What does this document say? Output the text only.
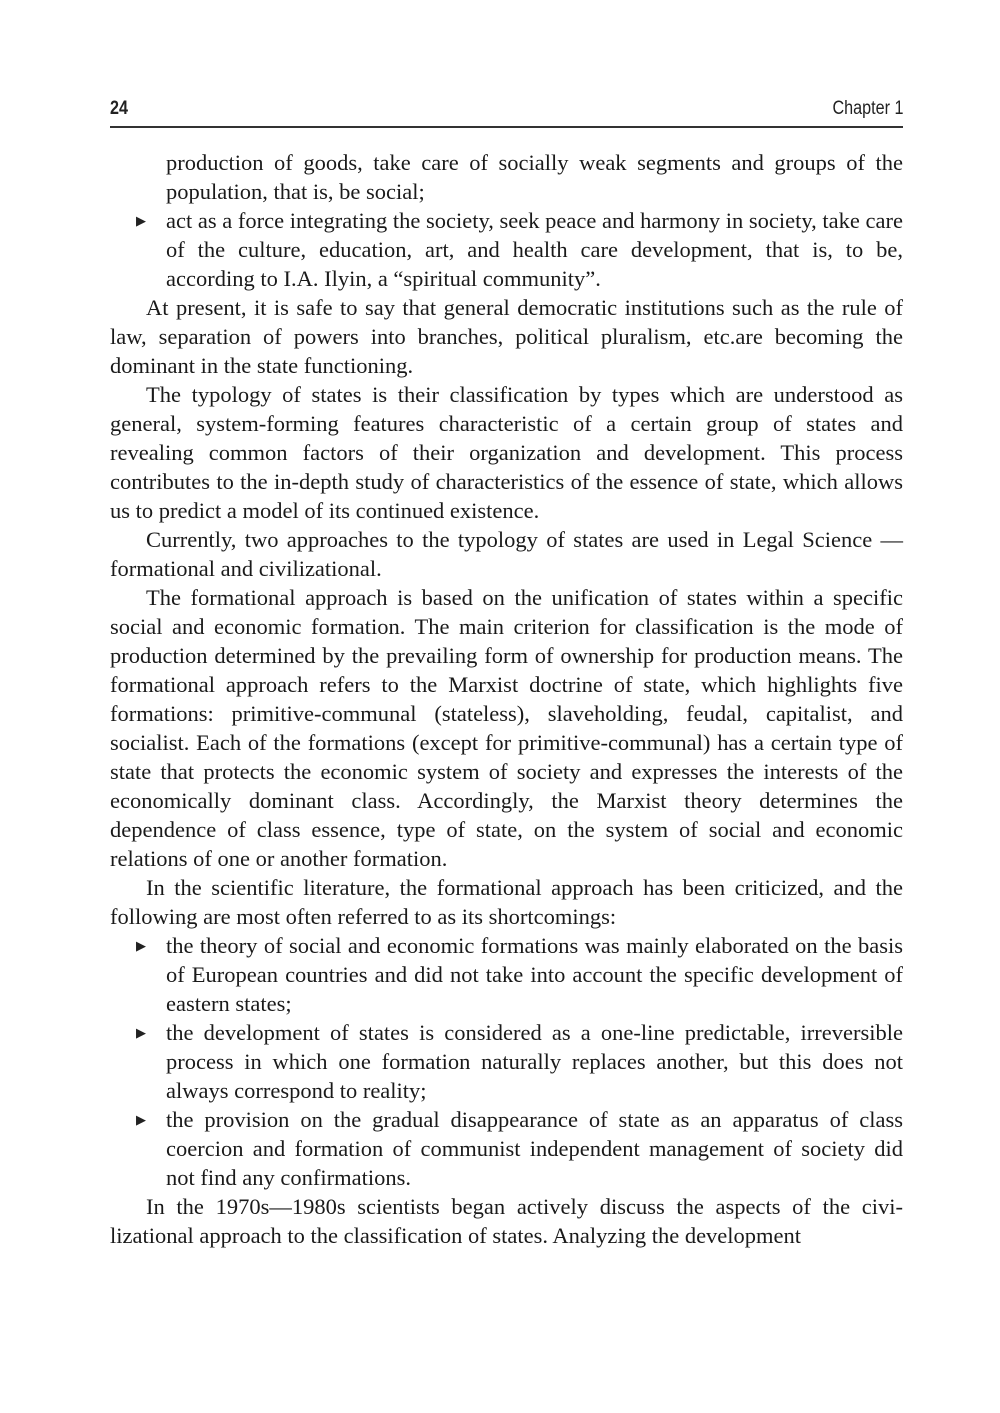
24	Chapter 1

production of goods, take care of socially weak segments and groups of the population, that is, be social;

▶ act as a force integrating the society, seek peace and harmony in society, take care of the culture, education, art, and health care development, that is, to be, according to I.A. Ilyin, a “spiritual community”.

At present, it is safe to say that general democratic institutions such as the rule of law, separation of powers into branches, political pluralism, etc.are becoming the dominant in the state functioning.

The typology of states is their classification by types which are understood as general, system-forming features characteristic of a certain group of states and revealing common factors of their organization and development. This process contributes to the in-depth study of characteristics of the essence of state, which allows us to predict a model of its continued existence.

Currently, two approaches to the typology of states are used in Legal Science — formational and civilizational.

The formational approach is based on the unification of states within a specific social and economic formation. The main criterion for classification is the mode of production determined by the prevailing form of ownership for production means. The formational approach refers to the Marxist doctrine of state, which highlights five formations: primitive-communal (stateless), slaveholding, feudal, capitalist, and socialist. Each of the formations (except for primitive-communal) has a certain type of state that protects the economic system of society and expresses the interests of the economically dominant class. Accordingly, the Marxist theory determines the dependence of class essence, type of state, on the system of social and economic relations of one or another formation.

In the scientific literature, the formational approach has been criticized, and the following are most often referred to as its shortcomings:

▶ the theory of social and economic formations was mainly elaborated on the basis of European countries and did not take into account the specific development of eastern states;
▶ the development of states is considered as a one-line predictable, irreversible process in which one formation naturally replaces another, but this does not always correspond to reality;
▶ the provision on the gradual disappearance of state as an apparatus of class coercion and formation of communist independent management of society did not find any confirmations.

In the 1970s—1980s scientists began actively discuss the aspects of the civilizational approach to the classification of states. Analyzing the development
